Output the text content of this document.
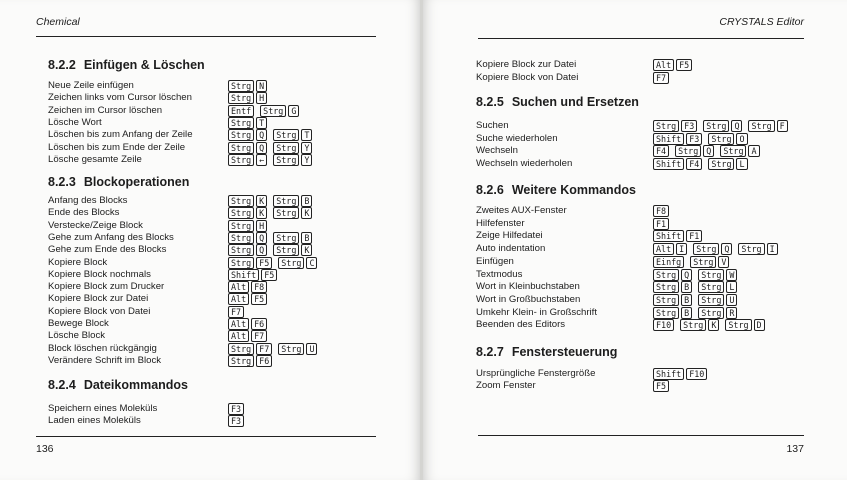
Chemical
136
8.2.2 Einfügen & Löschen
Neue Zeile einfügen	Strg N
Zeichen links vom Cursor löschen	Strg H
Zeichen im Cursor löschen	Entf	Strg G
Lösche Wort	Strg T
Löschen bis zum Anfang der Zeile	Strg Q	Strg T
Löschen bis zum Ende der Zeile	Strg Q	Strg Y
Lösche gesamte Zeile	Strg ←	Strg Y
8.2.3 Blockoperationen
Anfang des Blocks	Strg K	Strg B
Ende des Blocks	Strg K	Strg K
Verstecke/Zeige Block	Strg H
Gehe zum Anfang des Blocks	Strg Q	Strg B
Gehe zum Ende des Blocks	Strg Q	Strg K
Kopiere Block	Strg F5	Strg C
Kopiere Block nochmals	Shift F5
Kopiere Block zum Drucker	Alt F8
Kopiere Block zur Datei	Alt F5
Kopiere Block von Datei	F7
Bewege Block	Alt F6
Lösche Block	Alt F7
Block löschen rückgängig	Strg F7	Strg U
Verändere Schrift im Block	Strg F6
8.2.4 Dateikommandos
Speichern eines Moleküls	F3
Laden eines Moleküls	F3
CRYSTALS Editor
137
Kopiere Block zur Datei	Alt F5
Kopiere Block von Datei	F7
8.2.5 Suchen und Ersetzen
Suchen	Strg F3	Strg Q	Strg F
Suche wiederholen	Shift F3	Strg O
Wechseln	F4	Strg Q	Strg A
Wechseln wiederholen	Shift F4	Strg L
8.2.6 Weitere Kommandos
Zweites AUX-Fenster	F8
Hilfefenster	F1
Zeige Hilfedatei	Shift F1
Auto indentation	Alt I	Strg Q	Strg I
Einfügen	Einfg	Strg V
Textmodus	Strg Q	Strg W
Wort in Kleinbuchstaben	Strg B	Strg L
Wort in Großbuchstaben	Strg B	Strg U
Umkehr Klein- in Großschrift	Strg B	Strg R
Beenden des Editors	F10	Strg K	Strg D
8.2.7 Fenstersteuerung
Ursprüngliche Fenstergröße	Shift F10
Zoom Fenster	F5
